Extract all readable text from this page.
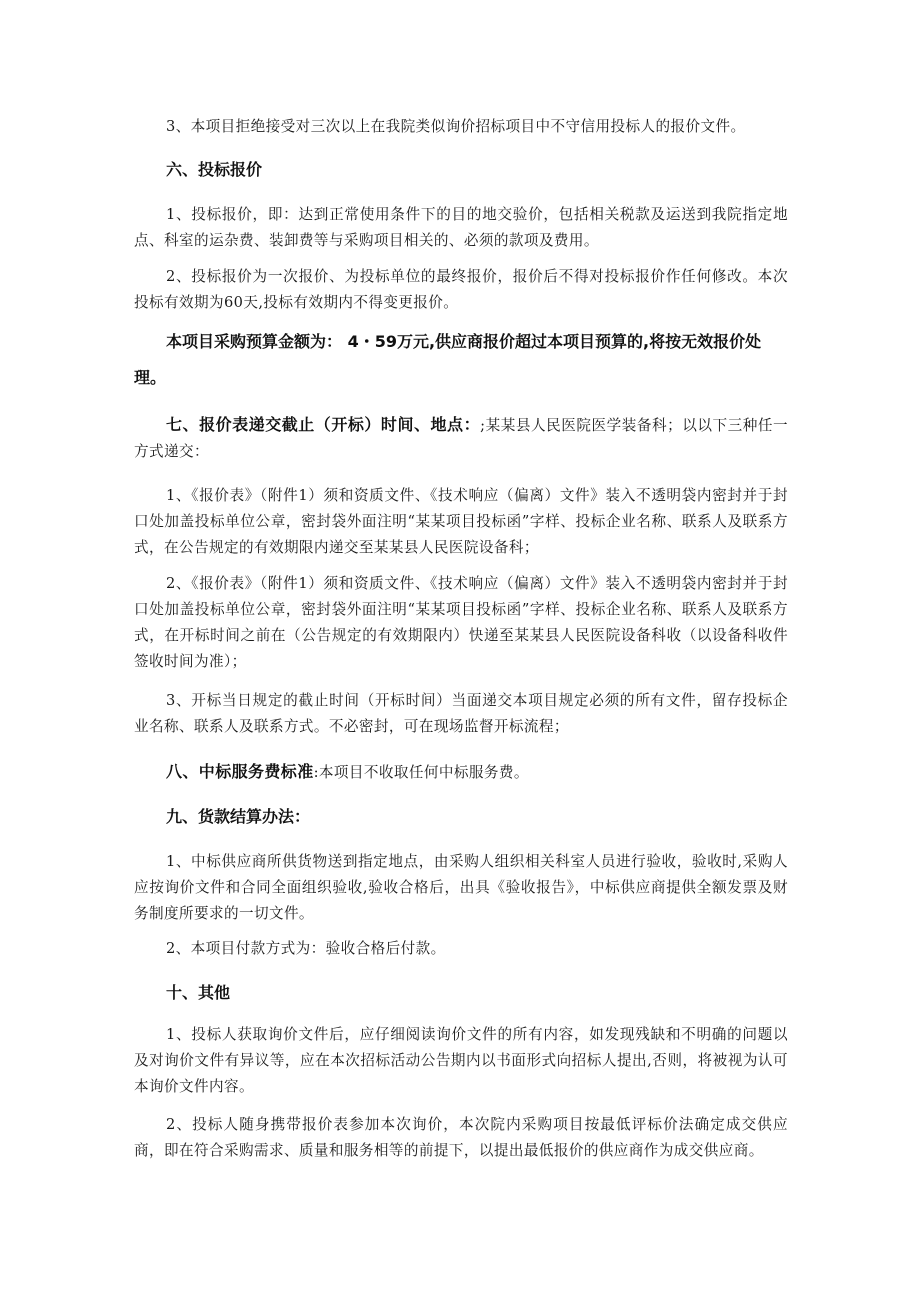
3、本项目拒绝接受对三次以上在我院类似询价招标项目中不守信用投标人的报价文件。

六、投标报价

1、投标报价，即：达到正常使用条件下的目的地交验价，包括相关税款及运送到我院指定地点、科室的运杂费、装卸费等与采购项目相关的、必须的款项及费用。

2、投标报价为一次报价、为投标单位的最终报价，报价后不得对投标报价作任何修改。本次投标有效期为60天,投标有效期内不得变更报价。

本项目采购预算金额为： 4・59万元,供应商报价超过本项目预算的,将按无效报价处理。

七、报价表递交截止（开标）时间、地点：;某某县人民医院医学装备科；以以下三种任一方式递交：

1、《报价表》（附件1）须和资质文件、《技术响应（偏离）文件》装入不透明袋内密封并于封口处加盖投标单位公章，密封袋外面注明“某某项目投标函”字样、投标企业名称、联系人及联系方式，在公告规定的有效期限内递交至某某县人民医院设备科；

2、《报价表》（附件1）须和资质文件、《技术响应（偏离）文件》装入不透明袋内密封并于封口处加盖投标单位公章，密封袋外面注明“某某项目投标函”字样、投标企业名称、联系人及联系方式，在开标时间之前在（公告规定的有效期限内）快递至某某县人民医院设备科收（以设备科收件签收时间为准）；

3、开标当日规定的截止时间（开标时间）当面递交本项目规定必须的所有文件，留存投标企业名称、联系人及联系方式。不必密封，可在现场监督开标流程；

八、中标服务费标准:本项目不收取任何中标服务费。

九、货款结算办法：

1、中标供应商所供货物送到指定地点，由采购人组织相关科室人员进行验收，验收时,采购人应按询价文件和合同全面组织验收,验收合格后，出具《验收报告》，中标供应商提供全额发票及财务制度所要求的一切文件。

2、本项目付款方式为：验收合格后付款。

十、其他

1、投标人获取询价文件后，应仔细阅读询价文件的所有内容，如发现残缺和不明确的问题以及对询价文件有异议等，应在本次招标活动公告期内以书面形式向招标人提出,否则，将被视为认可本询价文件内容。

2、投标人随身携带报价表参加本次询价，本次院内采购项目按最低评标价法确定成交供应商，即在符合采购需求、质量和服务相等的前提下，以提出最低报价的供应商作为成交供应商。
